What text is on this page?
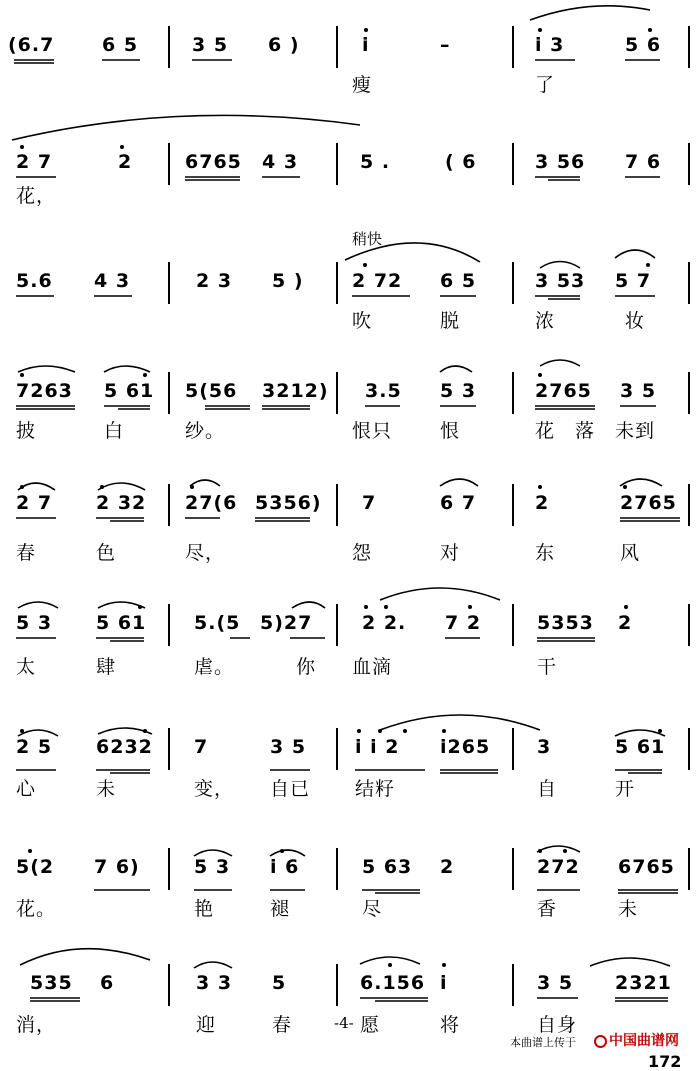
(6.7	6 5	3 5 6 )	i	–	i 3	5 6
瘦	了
2 7	2	6765 4 3	5 .	( 6	3 56 7 6
花，
稍快
5.6 4 3	2 3 5 )	2 72 6 5	3 53 5 7
吹	脱	浓	妆
7263 5 61 5(56 3212) 3.5 5 3	2765 3 5
披	白	纱。	恨只	恨	花 落 未到
2 7 2 32 27(6 5356) 7	6 7	2	2765
春	色	尽，	怨	对	东	风
5 3 5 61	5.(5 5)27	2 2. 7 2	5353 2
太	肆	虐。	你 血滴	干
2 5 6232 7	3 5	i i 2 i265 3	5 61
心	未	变， 自已 结籽	自	开
5(2 7 6)	5 3 i 6	5 63 2	272 6765
花。	艳	褪	尽	香	未
535 6	3 3 5	6.156 i	3 5 2321
消，	迎	春	愿	将	自身
-4-
本曲谱上传于	中国曲谱网
172
